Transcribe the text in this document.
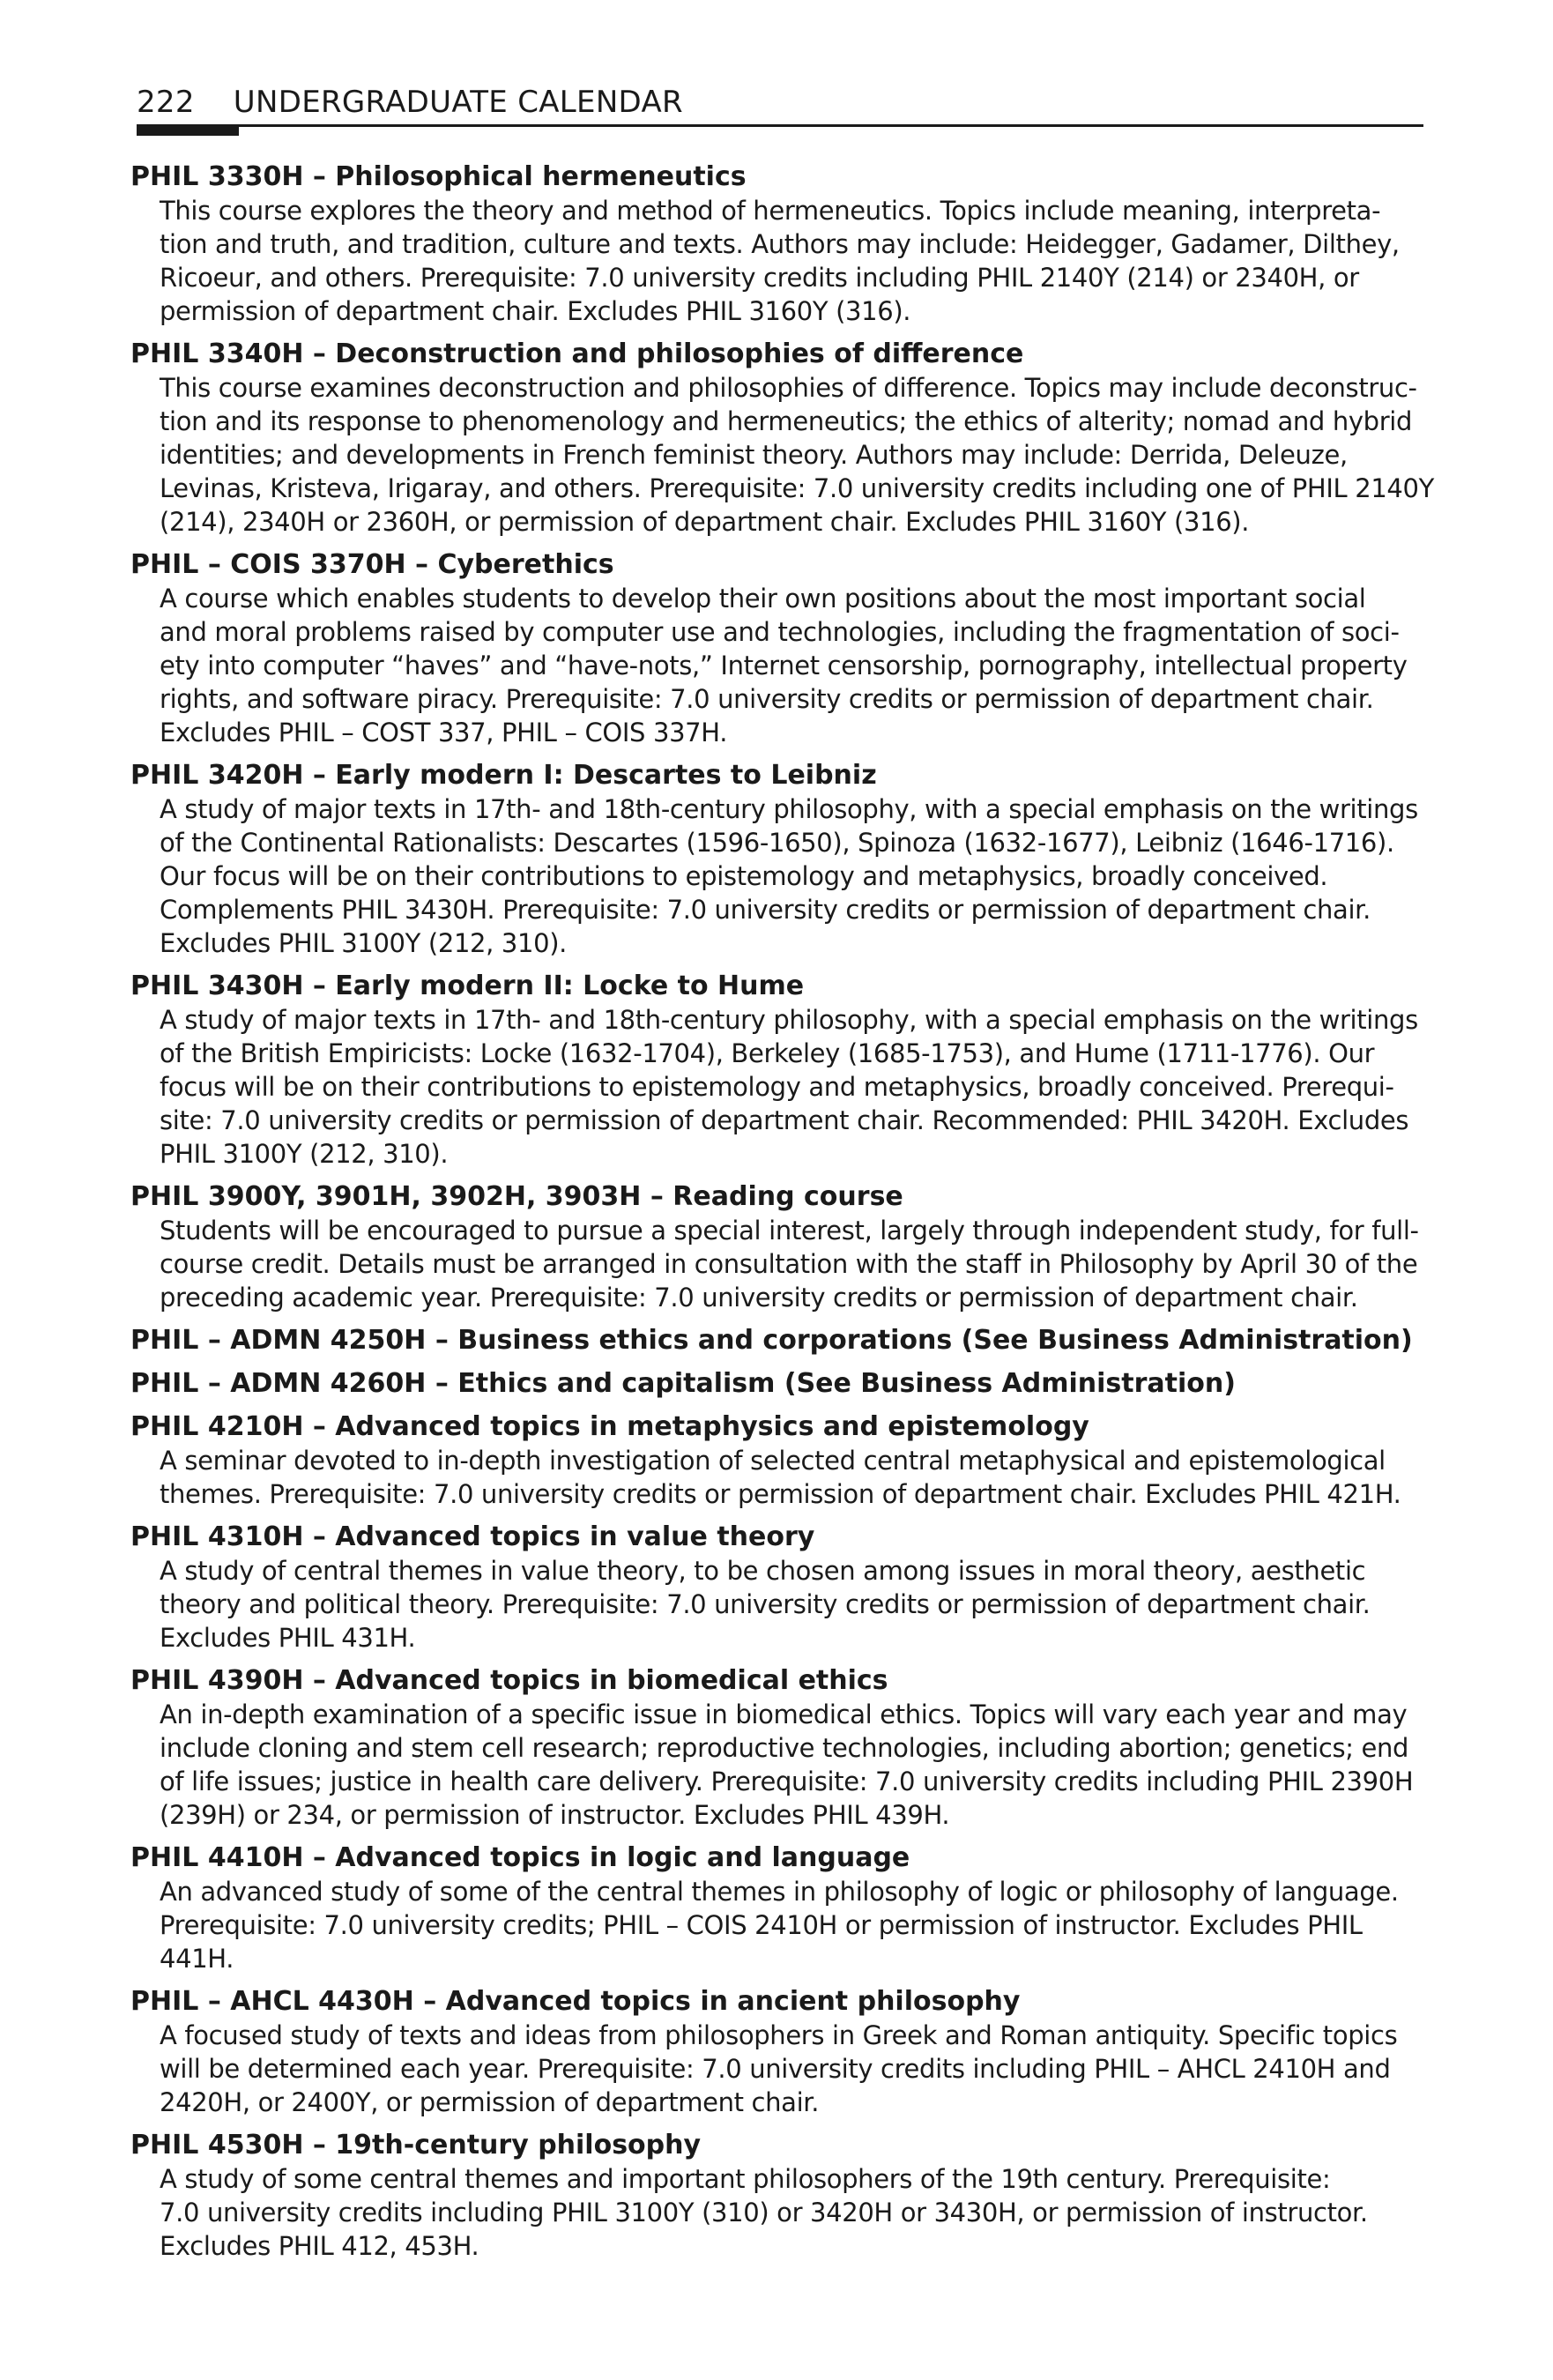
222 UNDERGRADUATE CALENDAR
PHIL 3330H – Philosophical hermeneutics
This course explores the theory and method of hermeneutics. Topics include meaning, interpreta-
tion and truth, and tradition, culture and texts. Authors may include: Heidegger, Gadamer, Dilthey,
Ricoeur, and others. Prerequisite: 7.0 university credits including PHIL 2140Y (214) or 2340H, or
permission of department chair. Excludes PHIL 3160Y (316).
PHIL 3340H – Deconstruction and philosophies of difference
This course examines deconstruction and philosophies of difference. Topics may include deconstruc-
tion and its response to phenomenology and hermeneutics; the ethics of alterity; nomad and hybrid
identities; and developments in French feminist theory. Authors may include: Derrida, Deleuze,
Levinas, Kristeva, Irigaray, and others. Prerequisite: 7.0 university credits including one of PHIL 2140Y
(214), 2340H or 2360H, or permission of department chair. Excludes PHIL 3160Y (316).
PHIL – COIS 3370H – Cyberethics
A course which enables students to develop their own positions about the most important social
and moral problems raised by computer use and technologies, including the fragmentation of soci-
ety into computer “haves” and “have-nots,” Internet censorship, pornography, intellectual property
rights, and software piracy. Prerequisite: 7.0 university credits or permission of department chair.
Excludes PHIL – COST 337, PHIL – COIS 337H.
PHIL 3420H – Early modern I: Descartes to Leibniz
A study of major texts in 17th- and 18th-century philosophy, with a special emphasis on the writings
of the Continental Rationalists: Descartes (1596-1650), Spinoza (1632-1677), Leibniz (1646-1716).
Our focus will be on their contributions to epistemology and metaphysics, broadly conceived.
Complements PHIL 3430H. Prerequisite: 7.0 university credits or permission of department chair.
Excludes PHIL 3100Y (212, 310).
PHIL 3430H – Early modern II: Locke to Hume
A study of major texts in 17th- and 18th-century philosophy, with a special emphasis on the writings
of the British Empiricists: Locke (1632-1704), Berkeley (1685-1753), and Hume (1711-1776). Our
focus will be on their contributions to epistemology and metaphysics, broadly conceived. Prerequi-
site: 7.0 university credits or permission of department chair. Recommended: PHIL 3420H. Excludes
PHIL 3100Y (212, 310).
PHIL 3900Y, 3901H, 3902H, 3903H – Reading course
Students will be encouraged to pursue a special interest, largely through independent study, for full-
course credit. Details must be arranged in consultation with the staff in Philosophy by April 30 of the
preceding academic year. Prerequisite: 7.0 university credits or permission of department chair.
PHIL – ADMN 4250H – Business ethics and corporations (See Business Administration)
PHIL – ADMN 4260H – Ethics and capitalism (See Business Administration)
PHIL 4210H – Advanced topics in metaphysics and epistemology
A seminar devoted to in-depth investigation of selected central metaphysical and epistemological
themes. Prerequisite: 7.0 university credits or permission of department chair. Excludes PHIL 421H.
PHIL 4310H – Advanced topics in value theory
A study of central themes in value theory, to be chosen among issues in moral theory, aesthetic
theory and political theory. Prerequisite: 7.0 university credits or permission of department chair.
Excludes PHIL 431H.
PHIL 4390H – Advanced topics in biomedical ethics
An in-depth examination of a specific issue in biomedical ethics. Topics will vary each year and may
include cloning and stem cell research; reproductive technologies, including abortion; genetics; end
of life issues; justice in health care delivery. Prerequisite: 7.0 university credits including PHIL 2390H
(239H) or 234, or permission of instructor. Excludes PHIL 439H.
PHIL 4410H – Advanced topics in logic and language
An advanced study of some of the central themes in philosophy of logic or philosophy of language.
Prerequisite: 7.0 university credits; PHIL – COIS 2410H or permission of instructor. Excludes PHIL
441H.
PHIL – AHCL 4430H – Advanced topics in ancient philosophy
A focused study of texts and ideas from philosophers in Greek and Roman antiquity. Specific topics
will be determined each year. Prerequisite: 7.0 university credits including PHIL – AHCL 2410H and
2420H, or 2400Y, or permission of department chair.
PHIL 4530H – 19th-century philosophy
A study of some central themes and important philosophers of the 19th century. Prerequisite:
7.0 university credits including PHIL 3100Y (310) or 3420H or 3430H, or permission of instructor.
Excludes PHIL 412, 453H.
